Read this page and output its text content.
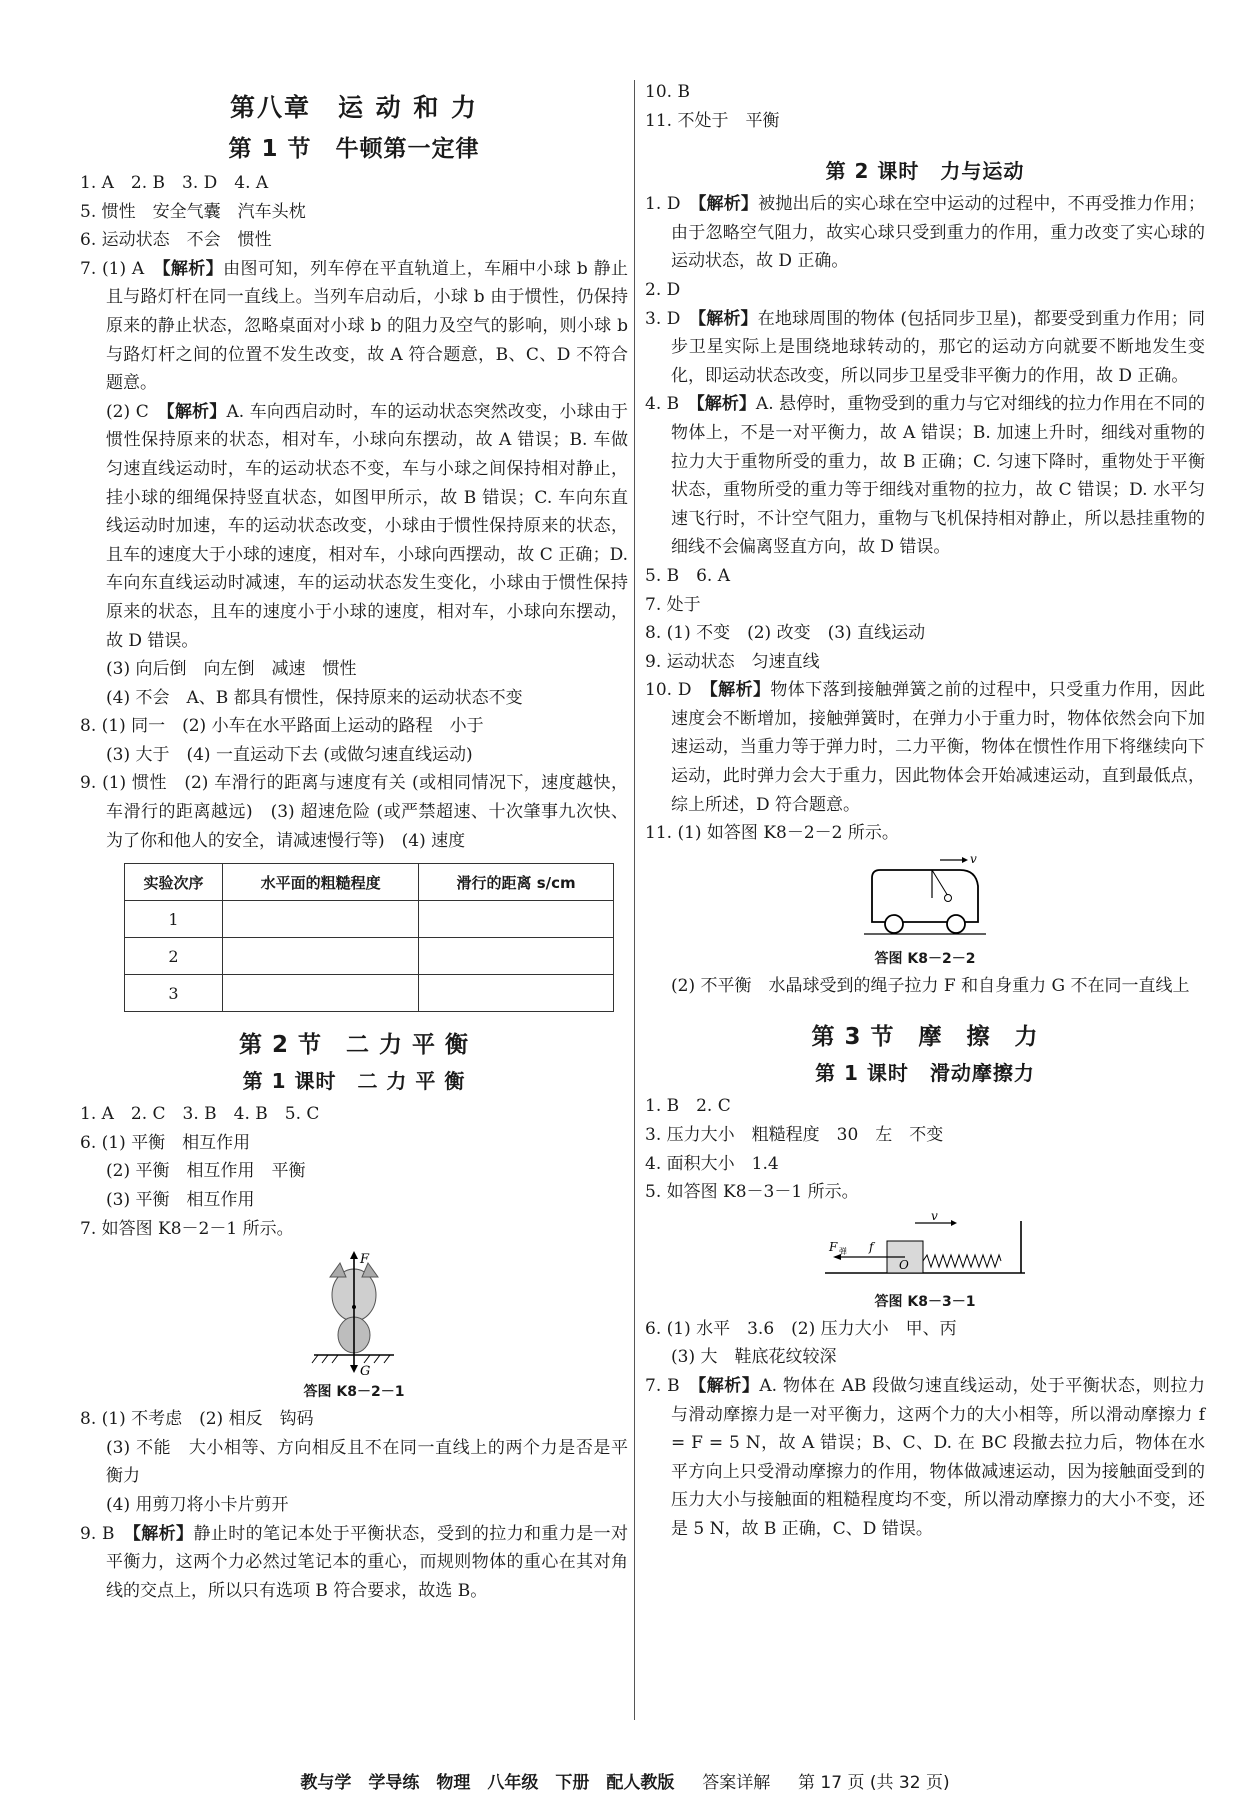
第八章　运 动 和 力
第 1 节　牛顿第一定律
1. A　2. B　3. D　4. A
5. 惯性　安全气囊　汽车头枕
6. 运动状态　不会　惯性
7. (1) A　【解析】由图可知，列车停在平直轨道上，车厢中小球 b 静止且与路灯杆在同一直线上。当列车启动后，小球 b 由于惯性，仍保持原来的静止状态，忽略桌面对小球 b 的阻力及空气的影响，则小球 b 与路灯杆之间的位置不发生改变，故 A 符合题意，B、C、D 不符合题意。
(2) C　【解析】A. 车向西启动时，车的运动状态突然改变，小球由于惯性保持原来的状态，相对车，小球向东摆动，故 A 错误；B. 车做匀速直线运动时，车的运动状态不变，车与小球之间保持相对静止，挂小球的细绳保持竖直状态，如图甲所示，故 B 错误；C. 车向东直线运动时加速，车的运动状态改变，小球由于惯性保持原来的状态，且车的速度大于小球的速度，相对车，小球向西摆动，故 C 正确；D. 车向东直线运动时减速，车的运动状态发生变化，小球由于惯性保持原来的状态，且车的速度小于小球的速度，相对车，小球向东摆动，故 D 错误。
(3) 向后倒　向左倒　减速　惯性
(4) 不会　A、B 都具有惯性，保持原来的运动状态不变
8. (1) 同一　(2) 小车在水平路面上运动的路程　小于
(3) 大于　(4) 一直运动下去 (或做匀速直线运动)
9. (1) 惯性　(2) 车滑行的距离与速度有关 (或相同情况下，速度越快，车滑行的距离越远)　(3) 超速危险 (或严禁超速、十次肇事九次快、为了你和他人的安全，请减速慢行等)　(4) 速度
实验次序	水平面的粗糙程度	滑行的距离 s/cm
1		
2		
3		
第 2 节　二 力 平 衡
第 1 课时　二 力 平 衡
1. A　2. C　3. B　4. B　5. C
6. (1) 平衡　相互作用
(2) 平衡　相互作用　平衡
(3) 平衡　相互作用
7. 如答图 K8－2－1 所示。
F
G
答图 K8－2－1
8. (1) 不考虑　(2) 相反　钩码
(3) 不能　大小相等、方向相反且不在同一直线上的两个力是否是平衡力
(4) 用剪刀将小卡片剪开
9. B　【解析】静止时的笔记本处于平衡状态，受到的拉力和重力是一对平衡力，这两个力必然过笔记本的重心，而规则物体的重心在其对角线的交点上，所以只有选项 B 符合要求，故选 B。
10. B
11. 不处于　平衡
第 2 课时　力与运动
1. D　【解析】被抛出后的实心球在空中运动的过程中，不再受推力作用；由于忽略空气阻力，故实心球只受到重力的作用，重力改变了实心球的运动状态，故 D 正确。
2. D
3. D　【解析】在地球周围的物体 (包括同步卫星)，都要受到重力作用；同步卫星实际上是围绕地球转动的，那它的运动方向就要不断地发生变化，即运动状态改变，所以同步卫星受非平衡力的作用，故 D 正确。
4. B　【解析】A. 悬停时，重物受到的重力与它对细线的拉力作用在不同的物体上，不是一对平衡力，故 A 错误；B. 加速上升时，细线对重物的拉力大于重物所受的重力，故 B 正确；C. 匀速下降时，重物处于平衡状态，重物所受的重力等于细线对重物的拉力，故 C 错误；D. 水平匀速飞行时，不计空气阻力，重物与飞机保持相对静止，所以悬挂重物的细线不会偏离竖直方向，故 D 错误。
5. B　6. A
7. 处于
8. (1) 不变　(2) 改变　(3) 直线运动
9. 运动状态　匀速直线
10. D　【解析】物体下落到接触弹簧之前的过程中，只受重力作用，因此速度会不断增加，接触弹簧时，在弹力小于重力时，物体依然会向下加速运动，当重力等于弹力时，二力平衡，物体在惯性作用下将继续向下运动，此时弹力会大于重力，因此物体会开始减速运动，直到最低点，综上所述，D 符合题意。
11. (1) 如答图 K8－2－2 所示。
v
答图 K8－2－2
(2) 不平衡　水晶球受到的绳子拉力 F 和自身重力 G 不在同一直线上
第 3 节　摩　擦　力
第 1 课时　滑动摩擦力
1. B　2. C
3. 压力大小　粗糙程度　30　左　不变
4. 面积大小　1.4
5. 如答图 K8－3－1 所示。
v
F 弹 f
O
答图 K8－3－1
6. (1) 水平　3.6　(2) 压力大小　甲、丙
(3) 大　鞋底花纹较深
7. B　【解析】A. 物体在 AB 段做匀速直线运动，处于平衡状态，则拉力与滑动摩擦力是一对平衡力，这两个力的大小相等，所以滑动摩擦力 f = F = 5 N，故 A 错误；B、C、D. 在 BC 段撤去拉力后，物体在水平方向上只受滑动摩擦力的作用，物体做减速运动，因为接触面受到的压力大小与接触面的粗糙程度均不变，所以滑动摩擦力的大小不变，还是 5 N，故 B 正确，C、D 错误。
教与学　学导练　物理　八年级　下册　配人教版 　 答案详解 　 第 17 页 (共 32 页)
